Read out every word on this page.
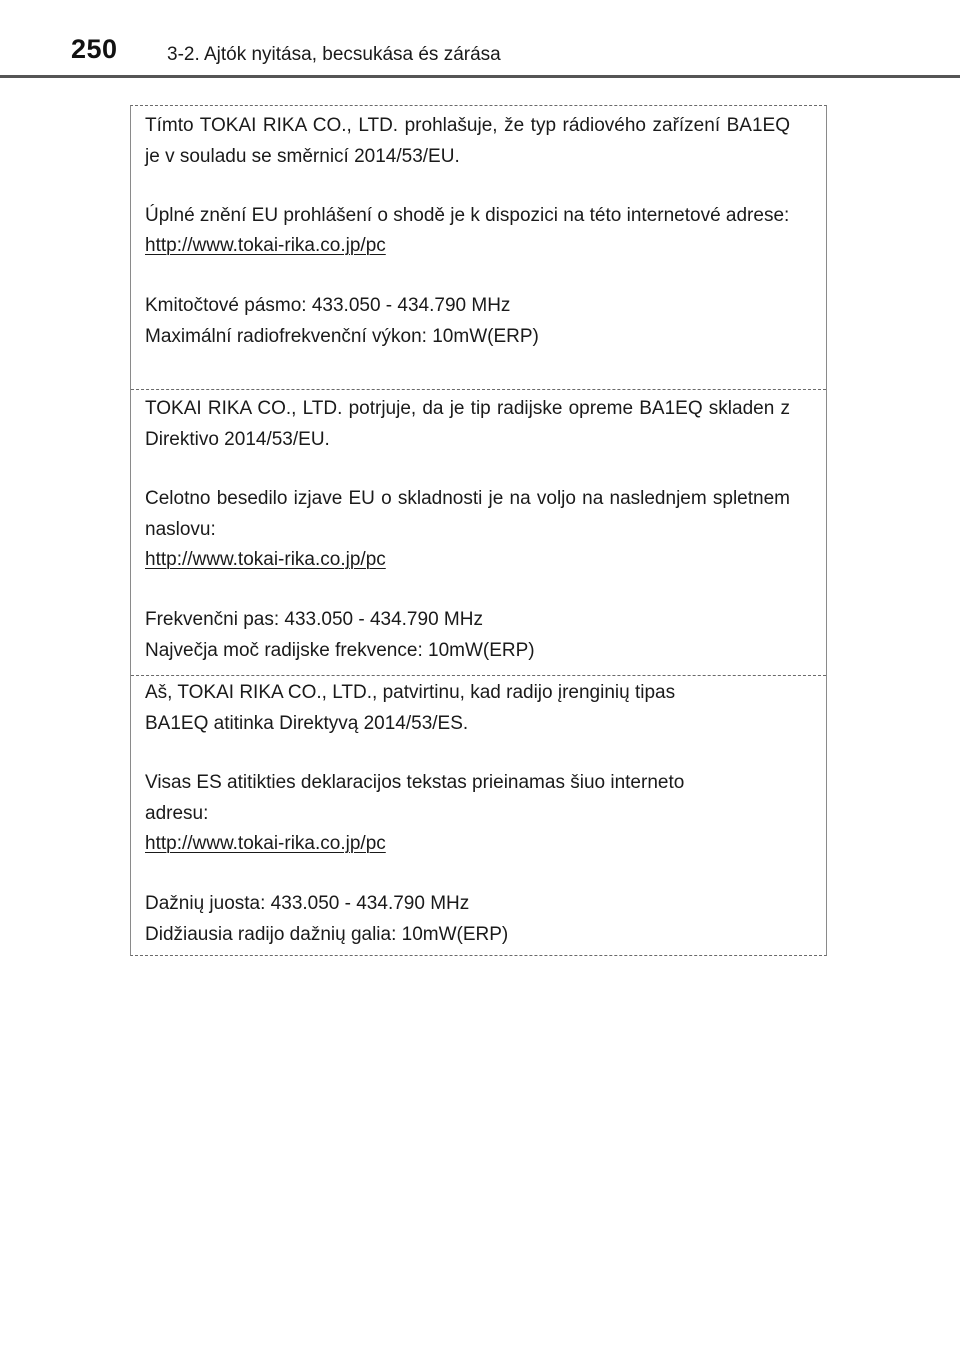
250	3-2. Ajtók nyitása, becsukása és zárása

Tímto TOKAI RIKA CO., LTD. prohlašuje, že typ rádiového zařízení BA1EQ je v souladu se směrnicí 2014/53/EU.

Úplné znění EU prohlášení o shodě je k dispozici na této internetové adrese:

http://www.tokai-rika.co.jp/pc

Kmitočtové pásmo: 433.050 - 434.790 MHz

Maximální radiofrekvenční výkon: 10mW(ERP)

TOKAI RIKA CO., LTD. potrjuje, da je tip radijske opreme BA1EQ skladen z Direktivo 2014/53/EU.

Celotno besedilo izjave EU o skladnosti je na voljo na naslednjem spletnem naslovu:

http://www.tokai-rika.co.jp/pc

Frekvenčni pas: 433.050 - 434.790 MHz

Največja moč radijske frekvence: 10mW(ERP)

Aš, TOKAI RIKA CO., LTD., patvirtinu, kad radijo įrenginių tipas BA1EQ atitinka Direktyvą 2014/53/ES.

Visas ES atitikties deklaracijos tekstas prieinamas šiuo interneto adresu:

http://www.tokai-rika.co.jp/pc

Dažnių juosta: 433.050 - 434.790 MHz

Didžiausia radijo dažnių galia: 10mW(ERP)
